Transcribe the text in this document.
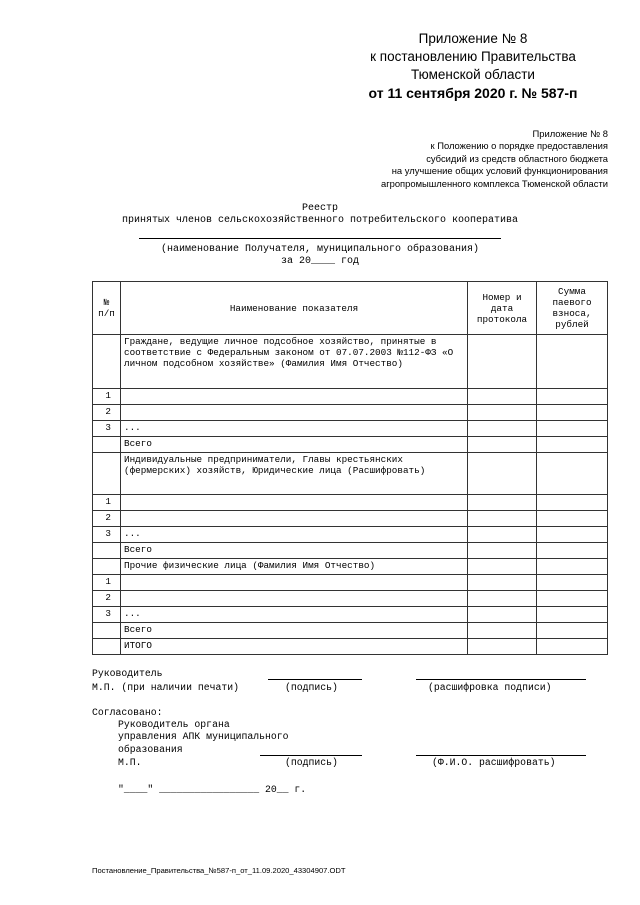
Приложение № 8
к постановлению Правительства
Тюменской области
от 11 сентября 2020 г. № 587-п
Приложение № 8
к Положению о порядке предоставления
субсидий из средств областного бюджета
на улучшение общих условий функционирования
агропромышленного комплекса Тюменской области
Реестр
принятых членов сельскохозяйственного потребительского кооператива
(наименование Получателя, муниципального образования)
за 20____ год
№ п/п	Наименование показателя	Номер и дата протокола	Сумма паевого взноса, рублей
	Граждане, ведущие личное подсобное хозяйство, принятые в соответствие с Федеральным законом от 07.07.2003 №112-ФЗ «О личном подсобном хозяйстве» (Фамилия Имя Отчество)		
1			
2			
3	...		
	Всего		
	Индивидуальные предприниматели, Главы крестьянских (фермерских) хозяйств, Юридические лица (Расшифровать)		
1			
2			
3	...		
	Всего		
	Прочие физические лица (Фамилия Имя Отчество)		
1			
2			
3	...		
	Всего		
	ИТОГО		
Руководитель
М.П. (при наличии печати)	(подпись)	(расшифровка подписи)
Согласовано:
Руководитель органа
управления АПК муниципального
образования
М.П.	(подпись)	(Ф.И.О. расшифровать)
"____" _________________ 20__ г.
Постановление_Правительства_№587-п_от_11.09.2020_43304907.ODT
